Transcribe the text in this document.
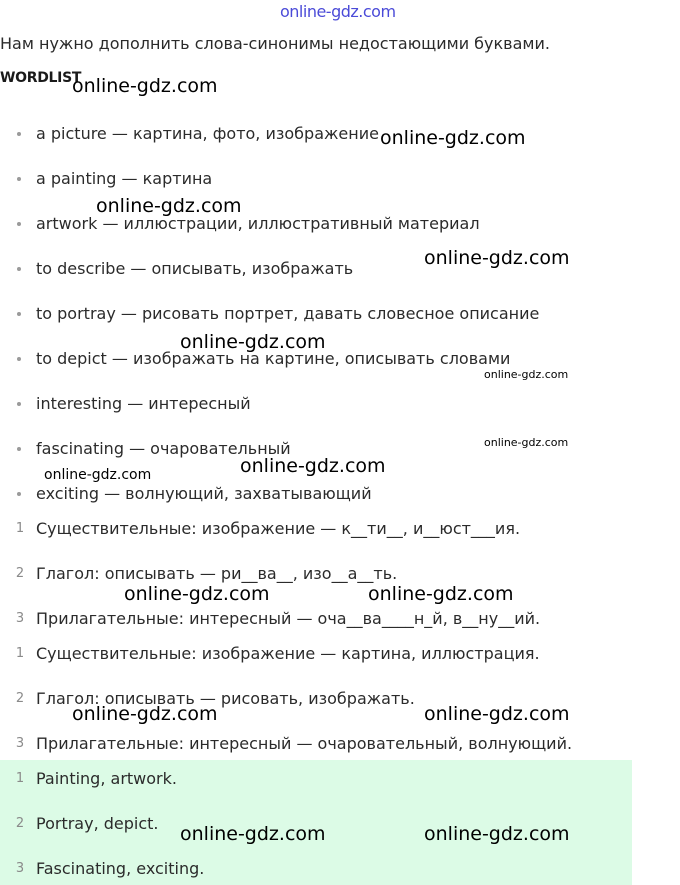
online-gdz.com
Нам нужно дополнить слова-синонимы недостающими буквами.
WORDLIST
a picture — картина, фото, изображение
a painting — картина
artwork — иллюстрации, иллюстративный материал
to describe — описывать, изображать
to portray — рисовать портрет, давать словесное описание
to depict — изображать на картине, описывать словами
interesting — интересный
fascinating — очаровательный
exciting — волнующий, захватывающий
1 Существительные: изображение — к__ти__, и__юст___ия.
2 Глагол: описывать — ри__ва__, изо__а__ть.
3 Прилагательные: интересный — оча__ва____н_й, в__ну__ий.
1 Существительные: изображение — картина, иллюстрация.
2 Глагол: описывать — рисовать, изображать.
3 Прилагательные: интересный — очаровательный, волнующий.
1 Painting, artwork.
2 Portray, depict.
3 Fascinating, exciting.
online-gdz.com
online-gdz.com
online-gdz.com
online-gdz.com
online-gdz.com
online-gdz.com
online-gdz.com
online-gdz.com
online-gdz.com
online-gdz.com	online-gdz.com
online-gdz.com	online-gdz.com
online-gdz.com	online-gdz.com
